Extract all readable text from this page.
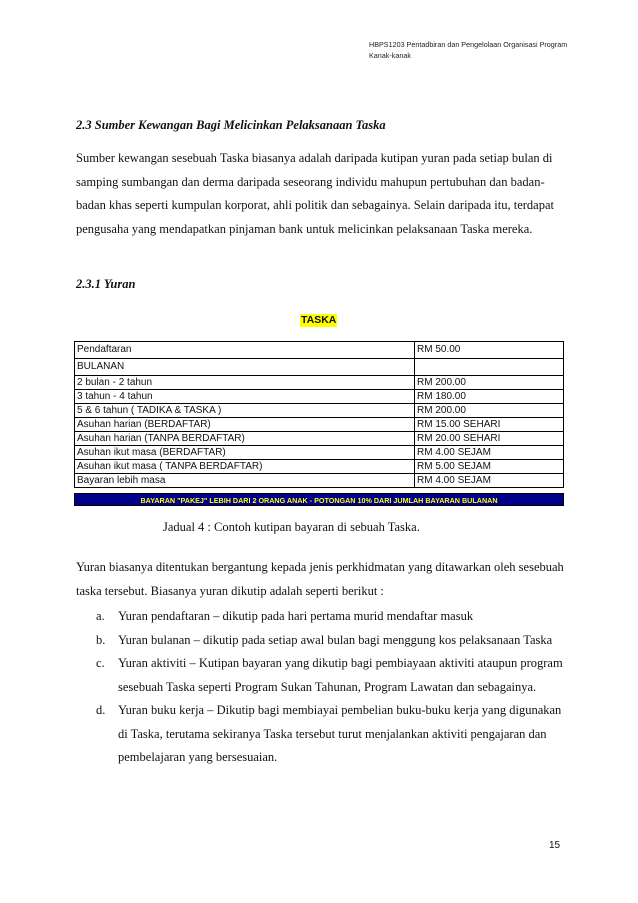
HBPS1203 Pentadbiran dan Pengelolaan Organisasi Program
Kanak-kanak
2.3 Sumber Kewangan Bagi Melicinkan Pelaksanaan Taska

Sumber kewangan sesebuah Taska biasanya adalah daripada kutipan yuran pada setiap bulan di samping sumbangan dan derma daripada seseorang individu mahupun pertubuhan dan badan-badan khas seperti kumpulan korporat, ahli politik dan sebagainya. Selain daripada itu, terdapat pengusaha yang mendapatkan pinjaman bank untuk melicinkan pelaksanaan Taska mereka.

2.3.1 Yuran
TASKA
Pendaftaran	RM 50.00
BULANAN	
2 bulan - 2 tahun	RM 200.00
3 tahun - 4 tahun	RM 180.00
5 & 6 tahun ( TADIKA & TASKA )	RM 200.00
Asuhan harian (BERDAFTAR)	RM 15.00 SEHARI
Asuhan harian (TANPA BERDAFTAR)	RM 20.00 SEHARI
Asuhan ikut masa (BERDAFTAR)	RM 4.00 SEJAM
Asuhan ikut masa ( TANPA BERDAFTAR)	RM 5.00 SEJAM
Bayaran lebih masa	RM 4.00 SEJAM
BAYARAN "PAKEJ" LEBIH DARI 2 ORANG ANAK - POTONGAN 10% DARI JUMLAH BAYARAN BULANAN
Jadual 4 : Contoh kutipan bayaran di sebuah Taska.

Yuran biasanya ditentukan bergantung kepada jenis perkhidmatan yang ditawarkan oleh sesebuah taska tersebut. Biasanya yuran dikutip adalah seperti berikut :

a. Yuran pendaftaran – dikutip pada hari pertama murid mendaftar masuk
b. Yuran bulanan – dikutip pada setiap awal bulan bagi menggung kos pelaksanaan Taska
c. Yuran aktiviti – Kutipan bayaran yang dikutip bagi pembiayaan aktiviti ataupun program sesebuah Taska seperti Program Sukan Tahunan, Program Lawatan dan sebagainya.
d. Yuran buku kerja – Dikutip bagi membiayai pembelian buku-buku kerja yang digunakan di Taska, terutama sekiranya Taska tersebut turut menjalankan aktiviti pengajaran dan pembelajaran yang bersesuaian.
15
